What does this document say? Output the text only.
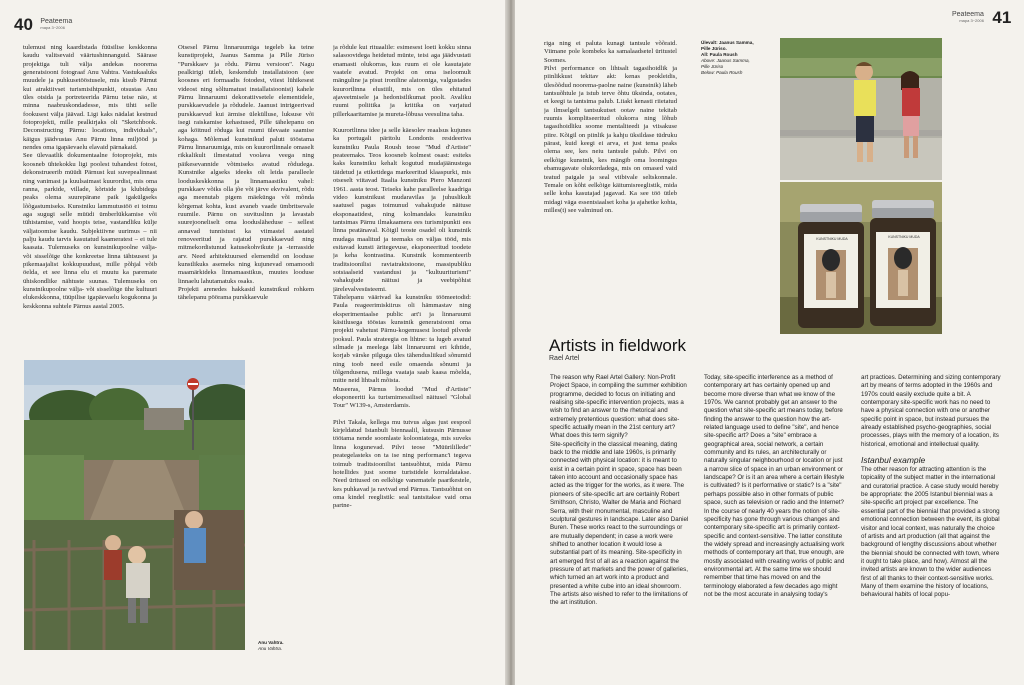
40 Peateema
mapa 3~2006

tulemusi ning kaardistada füüsilise keskkonna kaudu valitsevaid väärtushinnanguid. Säärase projektiga tuli välja andekas noorema generatsiooni fotograaf Anu Vahtra. Vastukaaluks muudele ja puhkusetööstusele, mis kisub Pärnut kui atraktiivset turismisihtpunkti, otsustas Anu üles otsida ja portreteerida Pärnu teise näo, st minna naabruskondadesse, mis tihti selle fookusest välja jäävad. Ligi kaks nädalat kestnud fotoprojekti, mille pealkirjaks oli "Sketchbook. Deconstructing Pärnu: locations, individuals", käigus jäädvustas Anu Pärnu linna miljööd ja nendes oma igapäevaelu elavaid pärnakaid.

See ülevaatlik dokumentaalne fotoprojekt, mis koosneb ühtekokku ligi poolest tuhandest fotost, dekonstrueerib müüdi Pärnust kui suvepealinnast ning vanimast ja kuulsaimast kuurordist, mis oma ranna, parkide, villade, kõrtside ja klubidega peaks olema suurepärane paik igakülgseks lõõgastumiseks. Kunstniku lammutustöö ei toimu aga sugugi selle müüdi ümberlükkamise või tühistamise, vaid hoopis teise, vastandliku külje väljatoomise kaudu. Subjektiivne uurimus – nii palju kaudu tarvis kasutatud kaameratest – ei tule kaasata. Tulemuseks on kunstnikupoolne välja- või sisselõige ühe konkreetse linna tähtsusest ja pikemaajalist kokkupuudust, mille põhjal võib öelda, et see linna elu ei muutu ka paremate ühiskondlike nähtuste suunas. Tulemuseks on kunstnikupoolne välja- või sisselõige ühe kultuuri elukeskkonna, tüüpilise igapäevaelu kogukonna ja keskkonna suhtele Pärnus aastal 2005.

Otsesel Pärnu linnaruumiga tegeleb ka teine kunstiprojekt, Jaanus Samma ja Pille Jüriso "Purskkaev ja rõdu. Pärnu versioon". Nagu pealkirigi ütleb, keskendub installatsioon (see koosnes eri formaadis fotodest, viiest lühikesest videost ning sõltumatust installatsioonist) kahele Pärnu linnaruumi dekoratiivsetele elementidele, purskkaevudele ja rõdudele. Jaanust intrigeerivad purskkaevud kui ärmise ülekülluse, luksuse või isegi raiskamise kehastused, Pille tähelepanu on aga köitnud rõduga kui ruumi ülevaate saamise kohaga. Mõlemad kunstnikud paluti tööstama Pärnu linnaruumiga, mis on kuurortlinnale omaselt rikkalikult ilmestatud voolava veega ning päikesevannide võtmiseks avatud rõdudega. Kunstnike algseks ideeks oli leida paralleele looduskeskkonna ja linnamaastiku vahel: purskkaev võiks olla jõe või järve ekvivalent, rõdu aga meenutab pigem mäekünga või mõnda kõrgemat kohta, kust avaneb vaade ümbritsevale ruumile. Pärnu on suvituslinn ja lavastab suurejooneliselt oma loodusläheduse – sellest annavad tunnistust ka viimastel aastatel renoveeritud ja rajatud purskkaevud ning mitmekordistunud katusekohvikute ja -terrasside arv. Need arhitektuursed elemendid on looduse kunstlikuks asemeks ning kujunevad omamoodi maamärkideks linnamaastikus, muutes looduse linnaelu lahutamatuks osaks.

Projekti arenedes hakkasid kunstnikud rohkem tähelepanu pöörama purskkaevule

ja rõdule kui rituaalile: esimesest loeti kokku sinna salasoovidega heidetud münte, teisi aga jäädvustati enamasti olukorras, kus ruum ei ole kasutajate vaatele avatud. Projekt on oma iseloomult mänguline ja pisut ironiline alatooniga, valgustades kuurortlinna elustiili, mis on üles ehitatud ajaveetmisele ja hedonistlikumat poolt. Avaliku ruumi poliitika ja kriitika on varjatud pillerkaaritamise ja mureta-lõbusa veesulina taha.

Kuurortlinna idee ja selle käesolev reaalsus kujunes ka portugali päritolu Londonis resideeriva kunstniku Paula Roush teose "Mud d'Artiste" peateemaks. Teos koosneb kolmest osast: esiteks kaks kunstniku kehalt kogutud mudajäänustega täidetud ja etiketidega markeeritud klaaspurki, mis otseselt viitavad Itaalia kunstniku Piero Manzoni 1961. aasta teost. Teiseks kahe paralleelse kaadriga video kunstnikust mudaravilas ja juhuslikult saatusel pagas toimunud vahakujude näituse eksponaatidest, ning kolmandaks kunstniku tantsimas Pärnu ilmakaamera ees turismipunkti ees linna peatänaval. Kõigil teoste osadel oli kunstnik mudaga maalitud ja teemaks on väljas tööd, mis esitavad kunsti äritegevuse, eksponeeritud toodete ja keha kontrastina. Kunstnik kommenteerib traditsioonilisi raviatraktsioone, massipubliku sotsiaalseid vastandusi ja "kultuuriturismi" vahakujude näitusi ja veebipõhist järelevalvesüsteemi.

Tähelepanu väärivad ka kunstniku töömeetodid: Paula reageerimiskiirus oli hämmastav ning eksperimentaalse public art'i ja linnaruumi käsitlusega tööstas kunstnik generatsiooni oma projekti vahetust Pärnu-kogemusest lootud pilvede jooksul. Paula strateegia on lihtne: ta lugeb avatud silmade ja meelega läbi linnaruumi eri kihtide, korjab värske pilguga üles tähendusliikud sõnumid ning toob need esile omaenda sõnumi ja tõlgendusena, millega vaataja saab kaasa mõelda, mitte neid lihtsalt mõista.

Museeras, Pärnus loodud "Mud d'Artiste" eksponeeriti ka turismimessilisel näitusel "Global Tour" W139-s, Amsterdamis.

Pilvi Takala, kellega mu tutvus algas just eespool kirjeldatud Istanbuli biennaalil, kutsusin Pärnusse töötama nende soomlaste kolooniatega, mis suveks linna kogunevad. Pilvi teose "Müürilillede" peategelasteks on ta ise ning performanc'i tegeva toimub traditsioonilist tantsuõhtut, mida Pärnu hotellides just soome turistidele korraldatakse. Need üritused on eelkõige vanematele paarikestele, kes puhkavad ja ravivad end Pärnus. Tantsuõhtut on oma kindel reeglistik: seal tantsitakse vaid oma partne-

Anu Vahtra.
Anu Vahtra.
Peateema
mapa 3~2006 41

riga ning ei paluta kunagi tantsule võõraid. Viimane pole kombeks ka samalaadsetel üritustel Soomes.

Pilvi performance on lihtsalt tagasihoidlik ja piinlikkust tekitav akt: kenas peokleidis, ülesõõdud noorema-paolne naine (kunstnik) läheb tantsuõhtule ja istub terve õhtu üksinda, ootates, et keegi ta tantsima palub. Liiakt kenasti riietatud ja ilmselgelt tantsukutset ootav naine tekitab ruumis komplitseeritud olukorra ning lõhub tagasihoidliku soome mentaliteedi ja viisakuse piire. Kõigil on piinlik ja kahju üksildase tüdruku pärast, kuid keegi ei arva, et just tema peaks olema see, kes neiu tantsule palub. Pilvi on eelkõige kunstnik, kes mängib oma loomingus ebamugavate olukordadega, mis on omased vaid teatud paigale ja seal viibivale seltskonnale. Temale on kõht eelkõige käitumisreeglistik, mida selle koha kasutajad jagavad. Ka see töö ütleb midagi väga essentsiaalset koha ja ajahetke kohta, milles(t) see valminud on.

Ülevalt: Jaanus Samma,
Pille Jüriso.
All: Paula Roush
Above: Jaanus Samma,
Pille Jüriso
Below: Paula Roush
KUNSTNIKU MUDA	KUNSTNIKU MUDA
Artists in fieldwork
Rael Artel

The reason why Rael Artel Gallery: Non-Profit Project Space, in compiling the summer exhibition programme, decided to focus on initiating and realising site-specific intervention projects, was a wish to find an answer to the rhetorical and extremely pretentious question: what does site-specific actually mean in the 21st century art? What does this term signify?

Site-specificity in the classical meaning, dating back to the middle and late 1960s, is primarily connected with physical location: it is meant to exist in a certain point in space, space has been taken into account and occasionally space has acted as the trigger for the works, as it were. The pioneers of site-specific art are certainly Robert Smithson, Christo, Walter de Maria and Richard Serra, with their monumental, masculine and sculptural gestures in landscape. Later also Daniel Buren. These works react to the surroundings or are mutually dependent; in case a work were shifted to another location it would lose a substantial part of its meaning. Site-specificity in art emerged first of all as a reaction against the pressure of art markets and the power of galleries, which turned an art work into a product and presented a white cube into an ideal showroom. The artists also wished to refer to the limitations of the art institution.

Today, site-specific interference as a method of contemporary art has certainly opened up and become more diverse than what we know of the 1970s. We cannot probably get an answer to the question what site-specific art means today, before finding the answer to the question how the art-related language used to define "site", and hence site-specific art? Does a "site" embrace a geographical area, social network, a certain community and its rules, an architecturally or naturally singular neighbourhood or location or just a narrow slice of space in an urban environment or landscape? Or is it an area where a certain lifestyle is cultivated? Is it performative or static? Is a "site" perhaps possible also in other formats of public space, such as television or radio and the Internet? In the course of nearly 40 years the notion of site-specificity has gone through various changes and contemporary site-specific art is primarily context-specific and context-sensitive. The latter constitute the widely spread and increasingly actualising work methods of contemporary art that, true enough, are mostly associated with creating works of public and environmental art. At the same time we should remember that time has moved on and the terminology elaborated a few decades ago might not be the most accurate in analysing today's

art practices. Determining and sizing contemporary art by means of terms adopted in the 1960s and 1970s could easily exclude quite a bit. A contemporary site-specific work has no need to have a physical connection with one or another specific point in space, but instead pursues the already established psycho-geographies, social processes, plays with the memory of a location, its historical, emotional and intellectual quality.

Istanbul example

The other reason for attracting attention is the topicality of the subject matter in the international and curatorial practice. A case study would hereby be appropriate: the 2005 Istanbul biennial was a site-specific art project par excellence. The essential part of the biennial that provided a strong emotional connection between the event, its global visitor and local context, was naturally the choice of artists and art production (all that against the background of lengthy discussions about whether the biennial should be connected with town, where it ought to take place, and how). Almost all the invited artists are known to the wider audiences first of all thanks to their context-sensitive works. Many of them examine the history of locations, behavioural habits of local popu-
